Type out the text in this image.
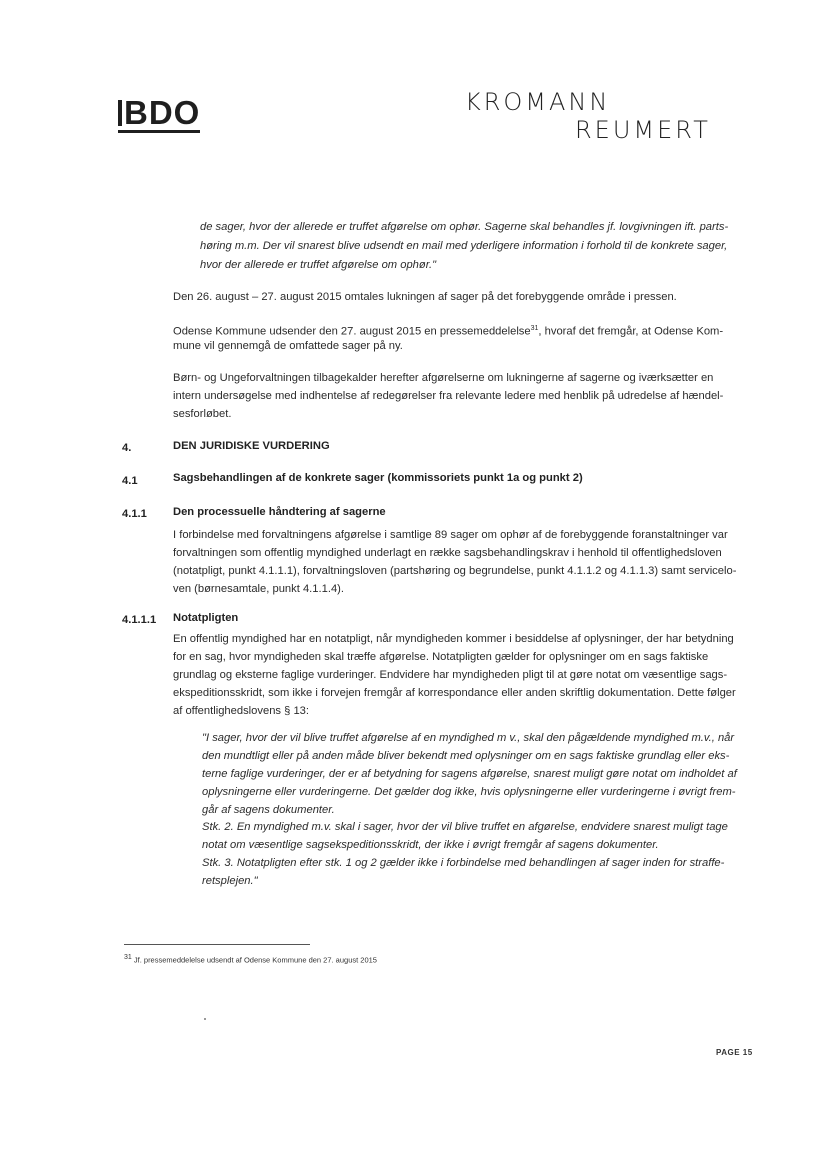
BDO	KROMANN
REUMERT
de sager, hvor der allerede er truffet afgørelse om ophør. Sagerne skal behandles jf. lovgivningen ift. parts-
høring m.m. Der vil snarest blive udsendt en mail med yderligere information i forhold til de konkrete sager,
hvor der allerede er truffet afgørelse om ophør."
Den 26. august – 27. august 2015 omtales lukningen af sager på det forebyggende område i pressen.
Odense Kommune udsender den 27. august 2015 en pressemeddelelse$^{31}$, hvoraf det fremgår, at Odense Kom-
mune vil gennemgå de omfattede sager på ny.
Børn- og Ungeforvaltningen tilbagekalder herefter afgørelserne om lukningerne af sagerne og iværksætter en
intern undersøgelse med indhentelse af redegørelser fra relevante ledere med henblik på udredelse af hændel-
sesforløbet.
4.	DEN JURIDISKE VURDERING
4.1	Sagsbehandlingen af de konkrete sager (kommissoriets punkt 1a og punkt 2)
4.1.1 Den processuelle håndtering af sagerne
I forbindelse med forvaltningens afgørelse i samtlige 89 sager om ophør af de forebyggende foranstaltninger var
forvaltningen som offentlig myndighed underlagt en række sagsbehandlingskrav i henhold til offentlighedsloven
(notatpligt, punkt 4.1.1.1), forvaltningsloven (partshøring og begrundelse, punkt 4.1.1.2 og 4.1.1.3) samt servicelo-
ven (børnesamtale, punkt 4.1.1.4).
4.1.1.1 Notatpligten
En offentlig myndighed har en notatpligt, når myndigheden kommer i besiddelse af oplysninger, der har betydning
for en sag, hvor myndigheden skal træffe afgørelse. Notatpligten gælder for oplysninger om en sags faktiske
grundlag og eksterne faglige vurderinger. Endvidere har myndigheden pligt til at gøre notat om væsentlige sags-
ekspeditionsskridt, som ikke i forvejen fremgår af korrespondance eller anden skriftlig dokumentation. Dette følger
af offentlighedslovens § 13:
"I sager, hvor der vil blive truffet afgørelse af en myndighed m v., skal den pågældende myndighed m.v., når
den mundtligt eller på anden måde bliver bekendt med oplysninger om en sags faktiske grundlag eller eks-
terne faglige vurderinger, der er af betydning for sagens afgørelse, snarest muligt gøre notat om indholdet af
oplysningerne eller vurderingerne. Det gælder dog ikke, hvis oplysningerne eller vurderingerne i øvrigt frem-
går af sagens dokumenter.
Stk. 2. En myndighed m.v. skal i sager, hvor der vil blive truffet en afgørelse, endvidere snarest muligt tage
notat om væsentlige sagsekspeditionsskridt, der ikke i øvrigt fremgår af sagens dokumenter.
Stk. 3. Notatpligten efter stk. 1 og 2 gælder ikke i forbindelse med behandlingen af sager inden for straffe-
retsplejen."
$^{31}$ Jf. pressemeddelelse udsendt af Odense Kommune den 27. august 2015
PAGE 15
